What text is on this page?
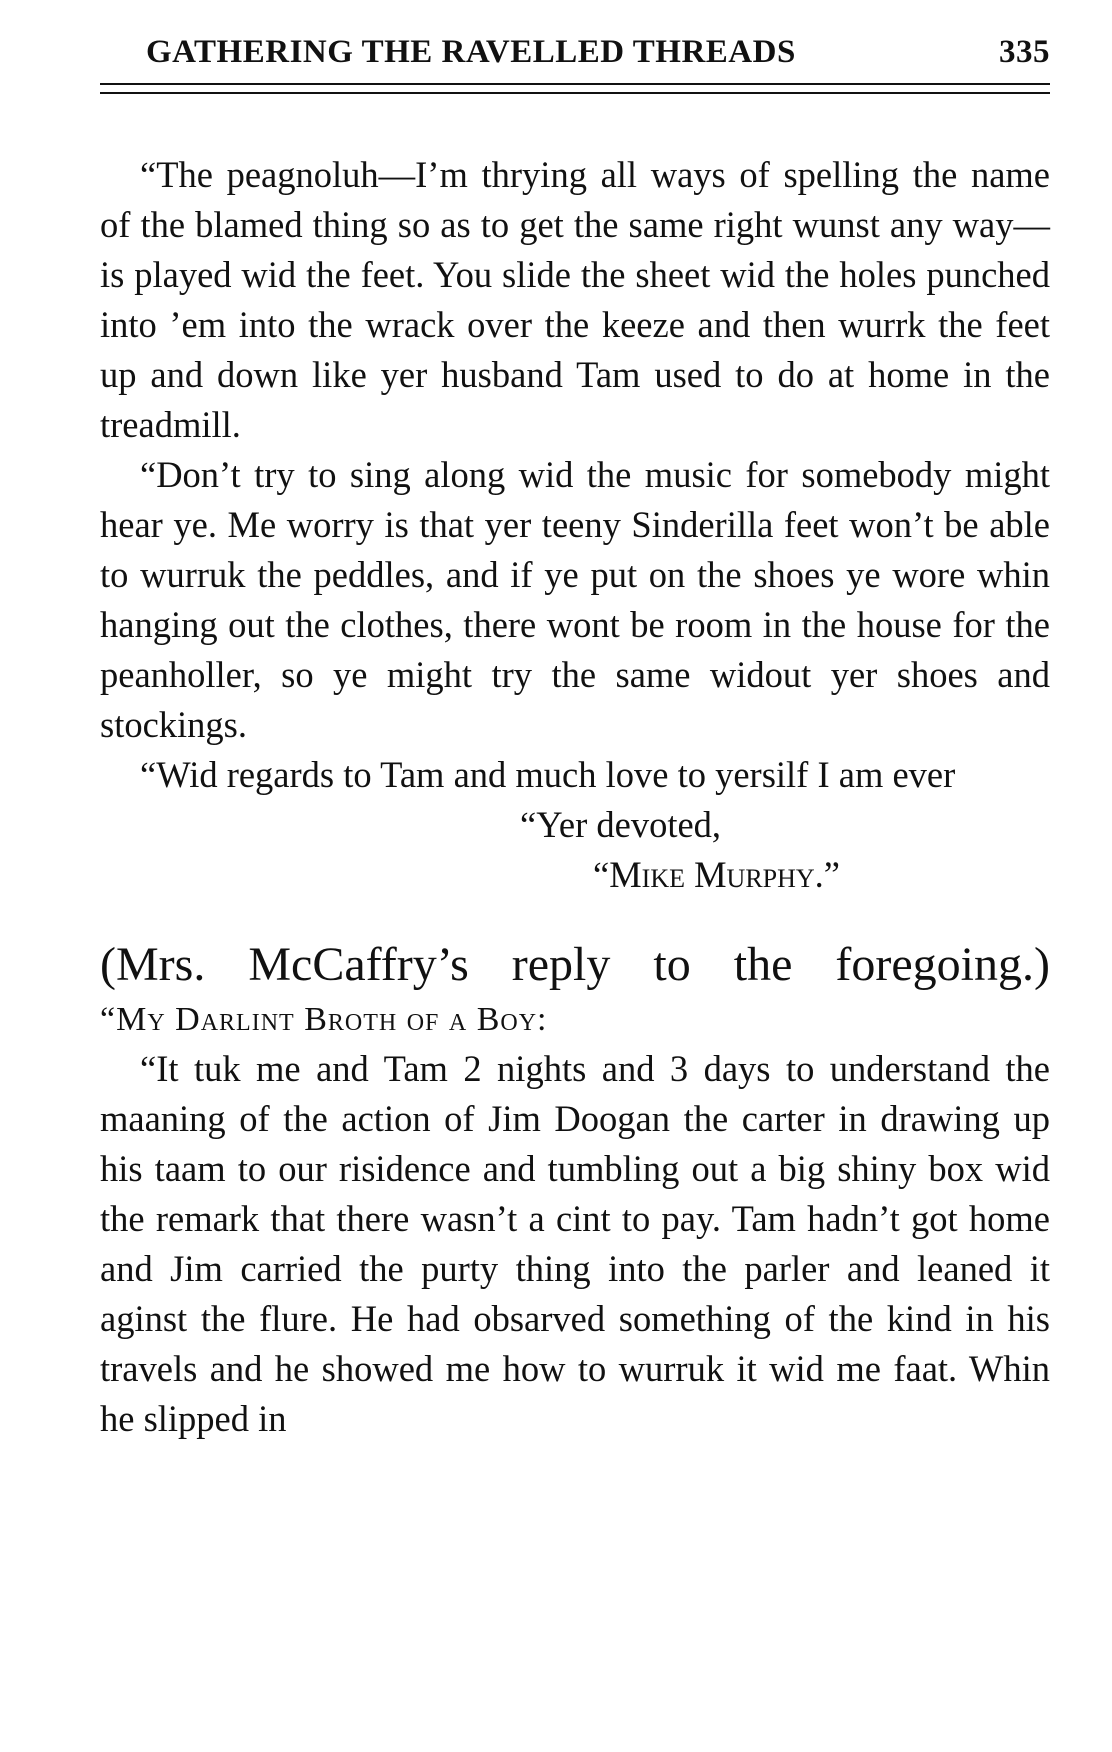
GATHERING THE RAVELLED THREADS	335

“The peagnoluh—I’m thrying all ways of spelling the name of the blamed thing so as to get the same right wunst any way—is played wid the feet. You slide the sheet wid the holes punched into ’em into the wrack over the keeze and then wurrk the feet up and down like yer husband Tam used to do at home in the treadmill.

“Don’t try to sing along wid the music for somebody might hear ye. Me worry is that yer teeny Sinderilla feet won’t be able to wurruk the peddles, and if ye put on the shoes ye wore whin hanging out the clothes, there wont be room in the house for the peanholler, so ye might try the same widout yer shoes and stockings.

“Wid regards to Tam and much love to yersilf I am ever

“Yer devoted,
“Mike Murphy.”
(Mrs. McCaffry’s reply to the foregoing.)
“My Darlint Broth of a Boy:

“It tuk me and Tam 2 nights and 3 days to understand the maaning of the action of Jim Doogan the carter in drawing up his taam to our risidence and tumbling out a big shiny box wid the remark that there wasn’t a cint to pay. Tam hadn’t got home and Jim carried the purty thing into the parler and leaned it aginst the flure. He had obsarved something of the kind in his travels and he showed me how to wurruk it wid me faat. Whin he slipped in
